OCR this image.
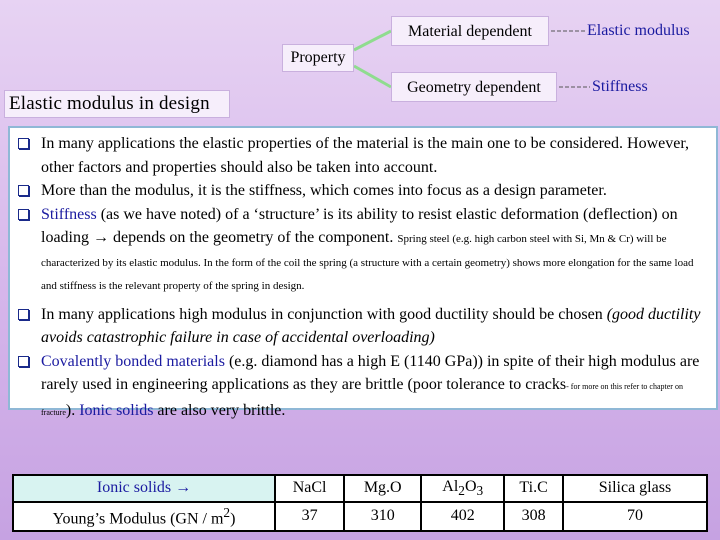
Elastic modulus in design
Property
Material dependent
Geometry dependent
Elastic modulus
Stiffness
In many applications the elastic properties of the material is the main one to be considered. However, other factors and properties should also be taken into account.
More than the modulus, it is the stiffness, which comes into focus as a design parameter.
Stiffness (as we have noted) of a ‘structure’ is its ability to resist elastic deformation (deflection) on loading → depends on the geometry of the component. Spring steel (e.g. high carbon steel with Si, Mn & Cr) will be characterized by its elastic modulus. In the form of the coil the spring (a structure with a certain geometry) shows more elongation for the same load and stiffness is the relevant property of the spring in design.
In many applications high modulus in conjunction with good ductility should be chosen (good ductility avoids catastrophic failure in case of accidental overloading)
Covalently bonded materials (e.g. diamond has a high E (1140 GPa)) in spite of their high modulus are rarely used in engineering applications as they are brittle (poor tolerance to cracks- for more on this refer to chapter on fracture). Ionic solids are also very brittle.
Ionic solids →	NaCl	Mg.O	$Al_2O_3$	Ti.C	Silica glass
Young’s Modulus $(GN / m^2)$	37	310	402	308	70
